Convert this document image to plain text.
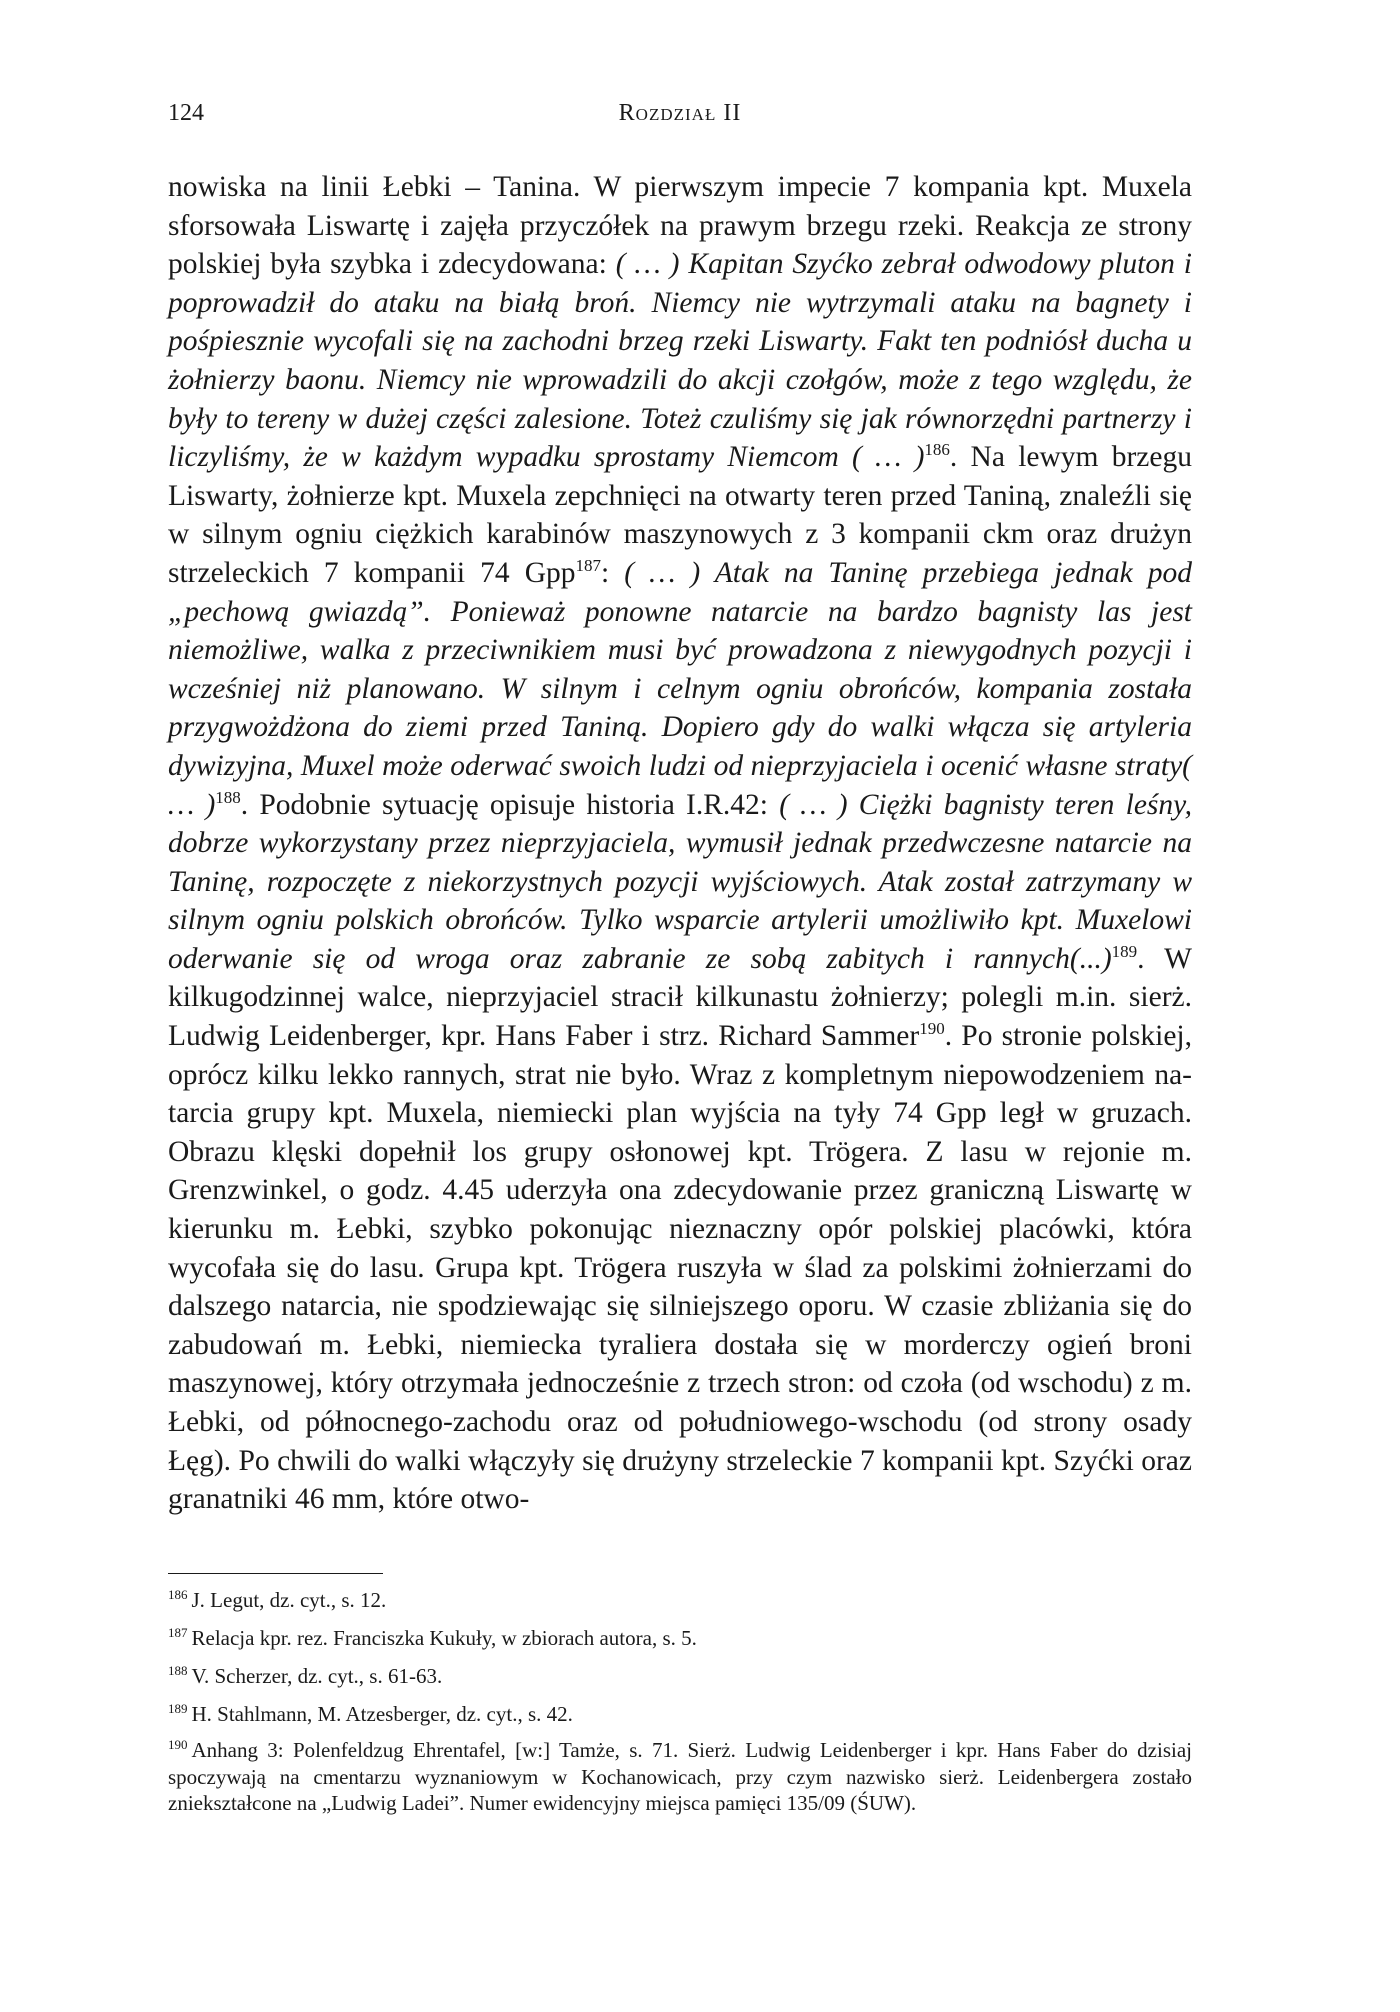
124	Rozdział II

nowiska na linii Łebki – Tanina. W pierwszym impecie 7 kompania kpt. Muxela sforsowała Liswartę i zajęła przyczółek na prawym brzegu rzeki. Reakcja ze strony polskiej była szybka i zdecydowana: ( … ) Kapitan Szyćko zebrał odwodowy pluton i poprowadził do ataku na białą broń. Niemcy nie wytrzymali ataku na bagnety i pośpiesznie wycofali się na zachodni brzeg rzeki Liswarty. Fakt ten podniósł ducha u żołnierzy baonu. Niemcy nie wprowadzili do akcji czołgów, może z tego względu, że były to tereny w dużej części zalesione. Toteż czuliśmy się jak równorzędni partnerzy i liczyliśmy, że w każdym wypadku sprostamy Niemcom ( … )$^{186}$. Na lewym brzegu Liswarty, żołnierze kpt. Muxela zepchnięci na otwarty teren przed Taniną, znaleźli się w silnym ogniu ciężkich karabinów maszynowych z 3 kompanii ckm oraz drużyn strzeleckich 7 kompanii 74 Gpp$^{187}$: ( … ) Atak na Taninę przebiega jednak pod „pechową gwiazdą”. Ponieważ ponowne natarcie na bardzo bagnisty las jest niemożliwe, walka z przeciwnikiem musi być prowadzona z niewygodnych pozycji i wcześniej niż planowano. W silnym i celnym ogniu obrońców, kompania została przygwożdżona do ziemi przed Taniną. Dopiero gdy do walki włącza się artyleria dywizyjna, Muxel może oderwać swoich ludzi od nieprzyjaciela i ocenić własne straty( … )$^{188}$. Podobnie sytuację opisuje historia I.R.42: ( … ) Ciężki bagnisty teren leśny, dobrze wykorzystany przez nieprzyjaciela, wymusił jednak przedwczesne natarcie na Taninę, rozpoczęte z niekorzystnych pozycji wyjściowych. Atak został zatrzymany w silnym ogniu polskich obrońców. Tylko wsparcie artylerii umożliwiło kpt. Muxelowi oderwanie się od wroga oraz zabranie ze sobą zabitych i rannych(...)$^{189}$. W kilkugodzinnej walce, nieprzyjaciel stracił kilkunastu żołnierzy; polegli m.in. sierż. Ludwig Leidenberger, kpr. Hans Faber i strz. Richard Sammer$^{190}$. Po stronie polskiej, oprócz kilku lekko rannych, strat nie było. Wraz z kompletnym niepowodzeniem natarcia grupy kpt. Muxela, niemiecki plan wyjścia na tyły 74 Gpp legł w gruzach. Obrazu klęski dopełnił los grupy osłonowej kpt. Trögera. Z lasu w rejonie m. Grenzwinkel, o godz. 4.45 uderzyła ona zdecydowanie przez graniczną Liswartę w kierunku m. Łebki, szybko pokonując nieznaczny opór polskiej placówki, która wycofała się do lasu. Grupa kpt. Trögera ruszyła w ślad za polskimi żołnierzami do dalszego natarcia, nie spodziewając się silniejszego oporu. W czasie zbliżania się do zabudowań m. Łebki, niemiecka tyraliera dostała się w morderczy ogień broni maszynowej, który otrzymała jednocześnie z trzech stron: od czoła (od wschodu) z m. Łebki, od północnego-zachodu oraz od południowego-wschodu (od strony osady Łęg). Po chwili do walki włączyły się drużyny strzeleckie 7 kompanii kpt. Szyćki oraz granatniki 46 mm, które otwo-

$^{186}$ J. Legut, dz. cyt., s. 12.

$^{187}$ Relacja kpr. rez. Franciszka Kukuły, w zbiorach autora, s. 5.

$^{188}$ V. Scherzer, dz. cyt., s. 61-63.

$^{189}$ H. Stahlmann, M. Atzesberger, dz. cyt., s. 42.

$^{190}$ Anhang 3: Polenfeldzug Ehrentafel, [w:] Tamże, s. 71. Sierż. Ludwig Leidenberger i kpr. Hans Faber do dzisiaj spoczywają na cmentarzu wyznaniowym w Kochanowicach, przy czym nazwisko sierż. Leidenbergera zostało zniekształcone na „Ludwig Ladei”. Numer ewidencyjny miejsca pamięci 135/09 (ŚUW).
